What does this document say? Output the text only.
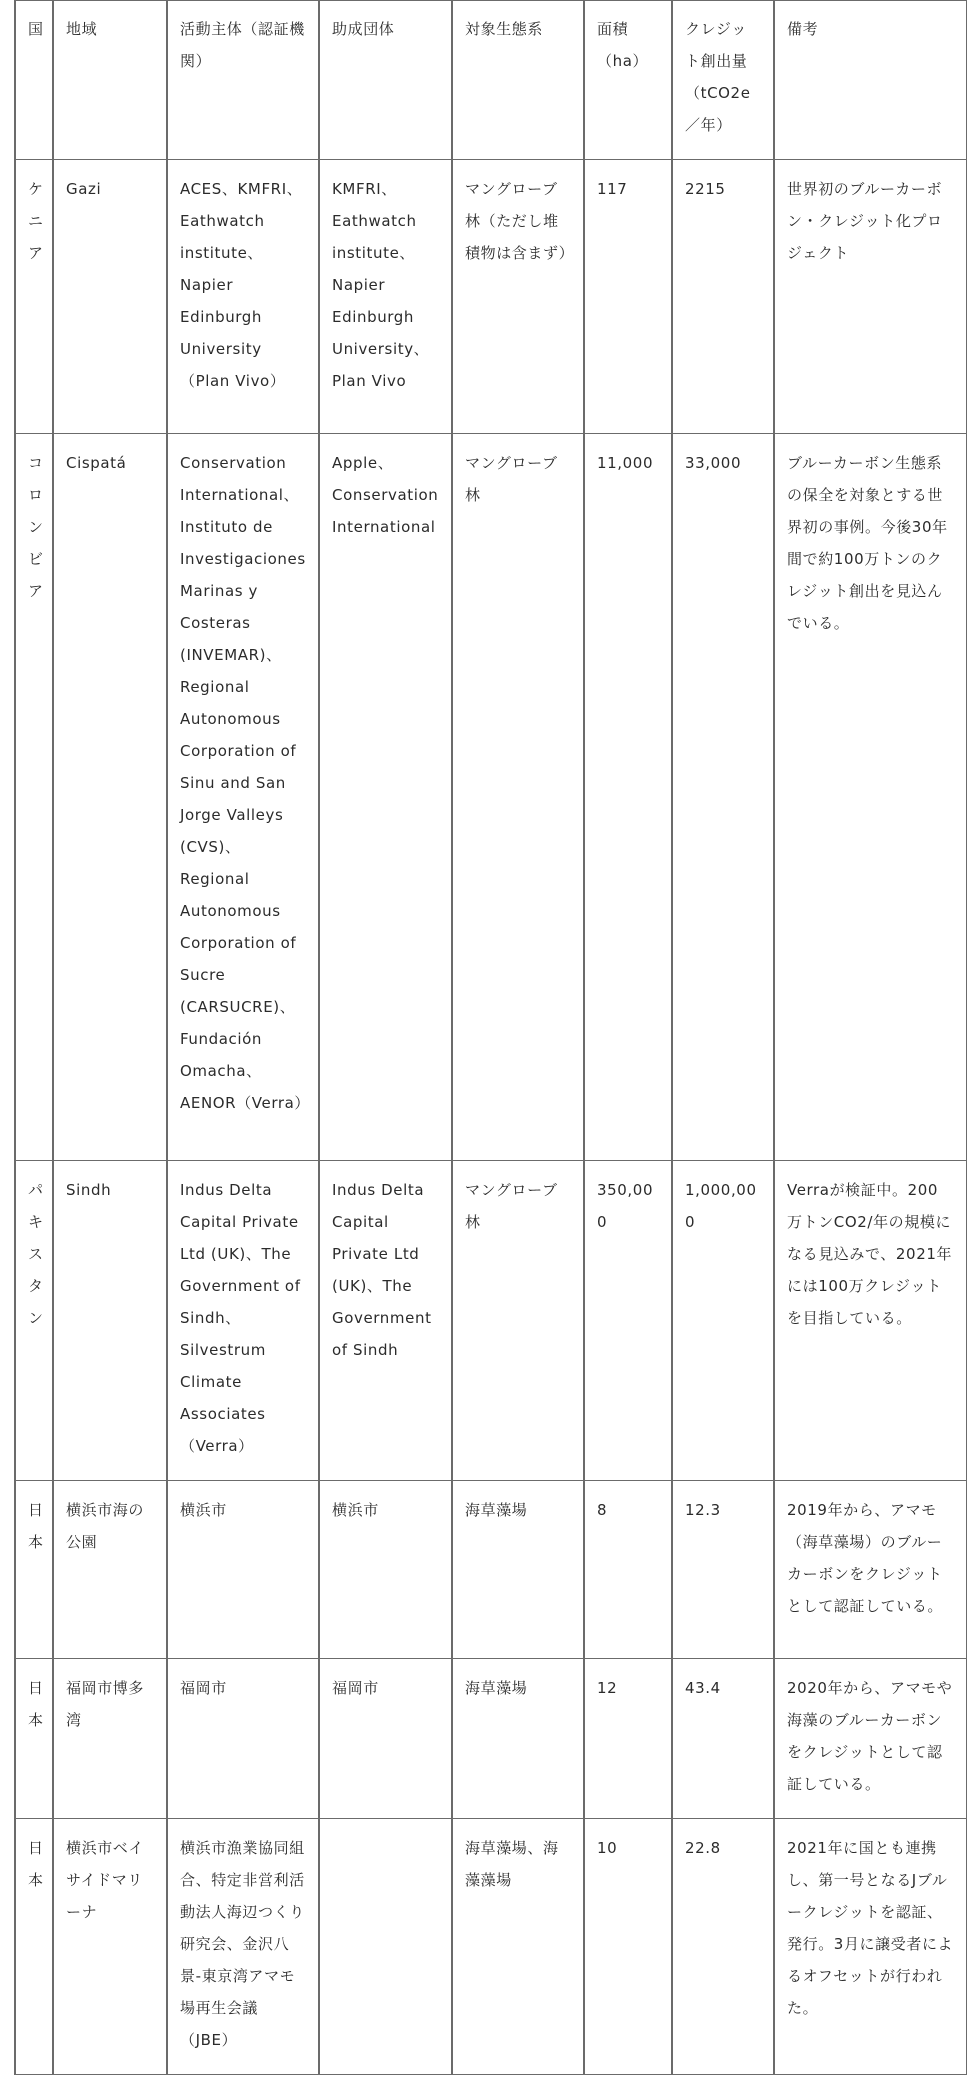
国	地域	活動主体（認証機関）	助成団体	対象生態系	面積（ha）	クレジット創出量（tCO2e／年）	備考
ケニア	Gazi	ACES、KMFRI、Eathwatch institute、Napier Edinburgh University（Plan Vivo）	KMFRI、Eathwatch institute、Napier Edinburgh University、Plan Vivo	マングローブ林（ただし堆積物は含まず）	117	2215	世界初のブルーカーボン・クレジット化プロジェクト
コロンビア	Cispatá	Conservation International、Instituto de Investigaciones Marinas y Costeras (INVEMAR)、Regional Autonomous Corporation of Sinu and San Jorge Valleys (CVS)、Regional Autonomous Corporation of Sucre (CARSUCRE)、Fundación Omacha、AENOR（Verra）	Apple、Conservation International	マングローブ林	11,000	33,000	ブルーカーボン生態系の保全を対象とする世界初の事例。今後30年間で約100万トンのクレジット創出を見込んでいる。
パキスタン	Sindh	Indus Delta Capital Private Ltd (UK)、The Government of Sindh、Silvestrum Climate Associates（Verra）	Indus Delta Capital Private Ltd (UK)、The Government of Sindh	マングローブ林	350,000	1,000,000	Verraが検証中。200万トンCO2/年の規模になる見込みで、2021年には100万クレジットを目指している。
日本	横浜市海の公園	横浜市	横浜市	海草藻場	8	12.3	2019年から、アマモ（海草藻場）のブルーカーボンをクレジットとして認証している。
日本	福岡市博多湾	福岡市	福岡市	海草藻場	12	43.4	2020年から、アマモや海藻のブルーカーボンをクレジットとして認証している。
日本	横浜市ベイサイドマリーナ	横浜市漁業協同組合、特定非営利活動法人海辺つくり研究会、金沢八景-東京湾アマモ場再生会議（JBE）		海草藻場、海藻藻場	10	22.8	2021年に国とも連携し、第一号となるJブルークレジットを認証、発行。3月に譲受者によるオフセットが行われた。
